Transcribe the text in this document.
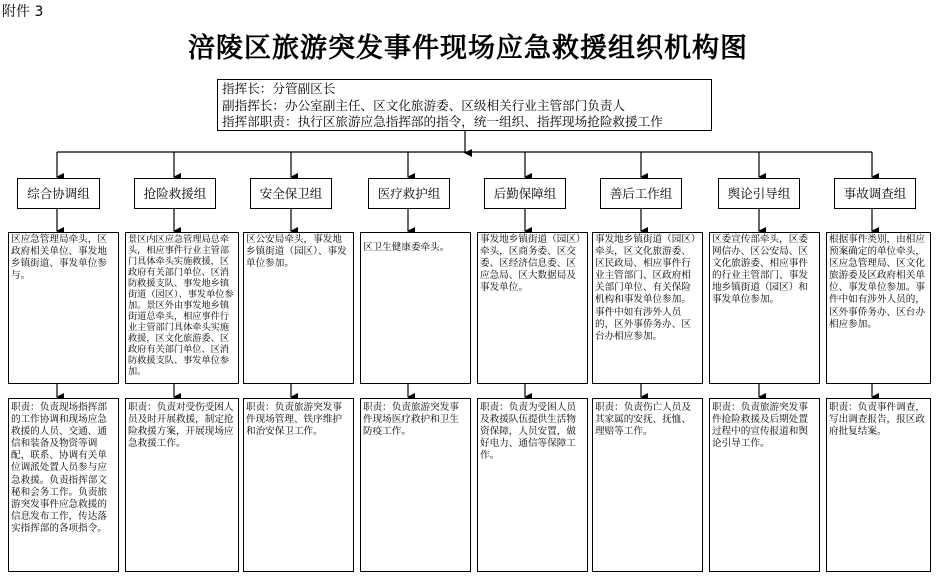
附件 3
涪陵区旅游突发事件现场应急救援组织机构图
指挥长：分管副区长
副指挥长：办公室副主任、区文化旅游委、区级相关行业主管部门负责人
指挥部职责：执行区旅游应急指挥部的指令，统一组织、指挥现场抢险救援工作
综合协调组	抢险救援组	安全保卫组	医疗救护组	后勤保障组	善后工作组	舆论引导组	事故调查组
区应急管理局牵头，区政府相关单位、事发地乡镇街道、事发单位参与。
景区内区应急管理局总牵头，相应事件行业主管部门具体牵头实施救援，区政府有关部门单位、区消防救援支队、事发地乡镇街道（园区）、事发单位参加。景区外由事发地乡镇街道总牵头，相应事件行业主管部门具体牵头实施救援，区文化旅游委、区政府有关部门单位、区消防救援支队、事发单位参加。
区公安局牵头，事发地乡镇街道（园区）、事发单位参加。
区卫生健康委牵头。
事发地乡镇街道（园区）牵头，区商务委、区交委、区经济信息委、区应急局、区大数据局及事发单位。
事发地乡镇街道（园区）牵头，区文化旅游委、区民政局、相应事件行业主管部门、区政府相关部门单位、有关保险机构和事发单位参加。事件中如有涉外人员的，区外事侨务办、区台办相应参加。
区委宣传部牵头，区委网信办、区公安局、区文化旅游委、相应事件的行业主管部门、事发地乡镇街道（园区）和事发单位参加。
根据事件类别，由相应预案确定的单位牵头，区应急管理局、区文化旅游委及区政府相关单位、事发单位参加。事件中如有涉外人员的，区外事侨务办、区台办相应参加。
职责：负责现场指挥部的工作协调和现场应急救援的人员、交通、通信和装备及物资等调配，联系、协调有关单位调派处置人员参与应急救援。负责指挥部文秘和会务工作。负责旅游突发事件应急救援的信息发布工作，传达落实指挥部的各项指令。
职责：负责对受伤受困人员及时开展救援，制定抢险救援方案，开展现场应急救援工作。
职责：负责旅游突发事件现场管理、铁序维护和治安保卫工作。
职责：负责旅游突发事件现场医疗救护和卫生防疫工作。
职责：负责为受困人员及救援队伍提供生活物资保障，人员安置，做好电力、通信等保障工作。
职责：负责伤亡人员及其家属的安抚、抚恤、理赔等工作。
职责：负责旅游突发事件抢险救援及后期处置过程中的宣传报道和舆论引导工作。
职责：负责事件调查，写出调查报告，报区政府批复结案。
